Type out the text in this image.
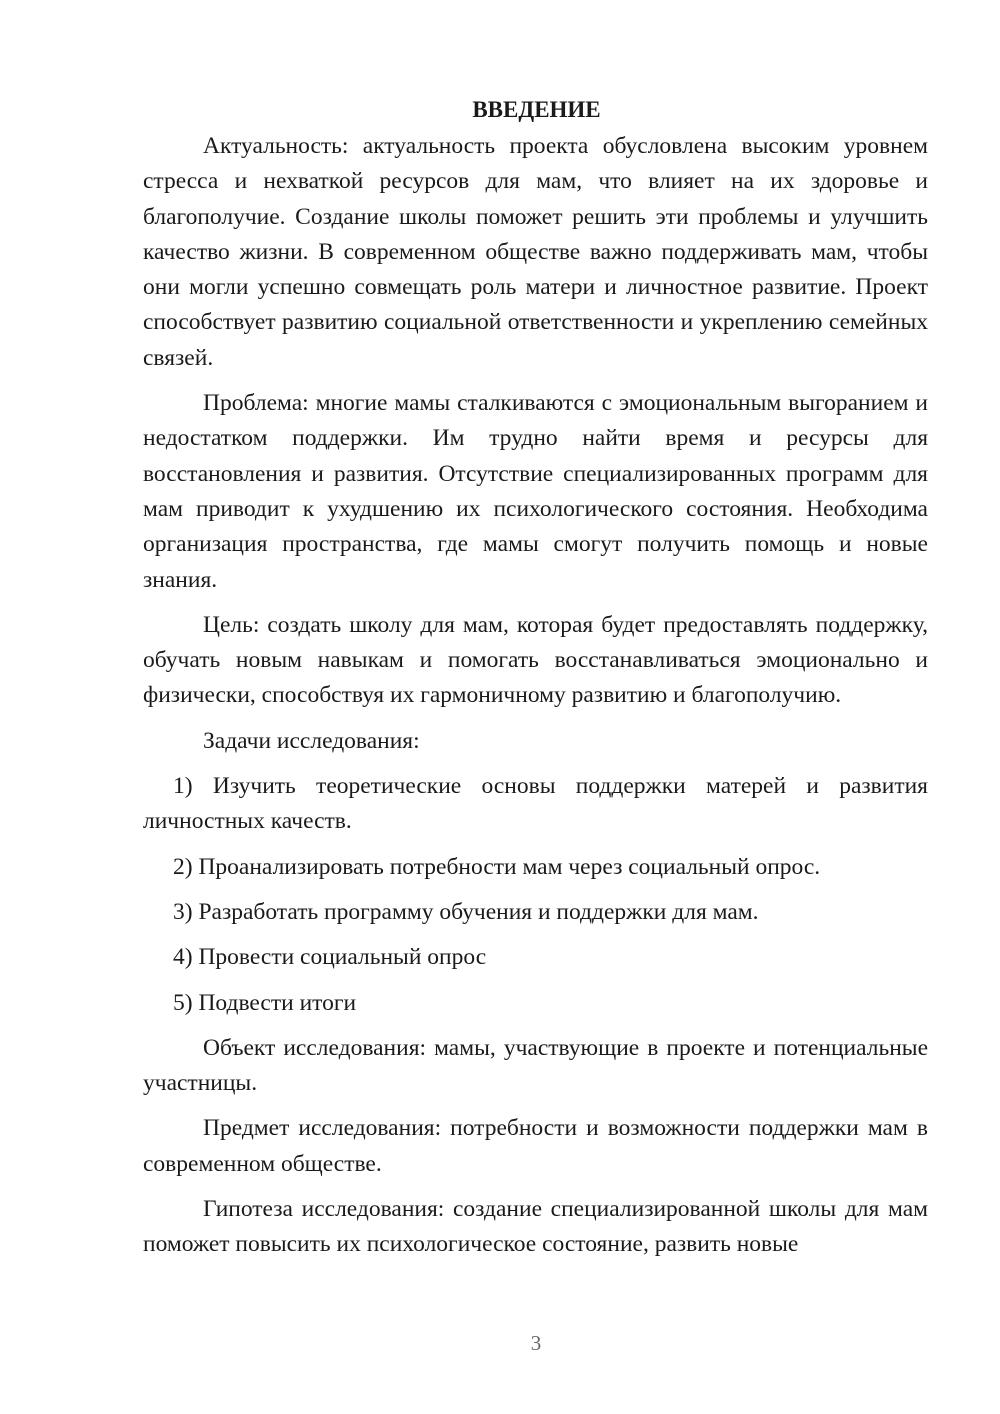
ВВЕДЕНИЕ

Актуальность: актуальность проекта обусловлена высоким уровнем стресса и нехваткой ресурсов для мам, что влияет на их здоровье и благополучие. Создание школы поможет решить эти проблемы и улучшить качество жизни. В современном обществе важно поддерживать мам, чтобы они могли успешно совмещать роль матери и личностное развитие. Проект способствует развитию социальной ответственности и укреплению семейных связей.

Проблема: многие мамы сталкиваются с эмоциональным выгоранием и недостатком поддержки. Им трудно найти время и ресурсы для восстановления и развития. Отсутствие специализированных программ для мам приводит к ухудшению их психологического состояния. Необходима организация пространства, где мамы смогут получить помощь и новые знания.

Цель: создать школу для мам, которая будет предоставлять поддержку, обучать новым навыкам и помогать восстанавливаться эмоционально и физически, способствуя их гармоничному развитию и благополучию.

Задачи исследования:

1) Изучить теоретические основы поддержки матерей и развития личностных качеств.

2) Проанализировать потребности мам через социальный опрос.

3) Разработать программу обучения и поддержки для мам.

4) Провести социальный опрос

5) Подвести итоги

Объект исследования: мамы, участвующие в проекте и потенциальные участницы.

Предмет исследования: потребности и возможности поддержки мам в современном обществе.

Гипотеза исследования: создание специализированной школы для мам поможет повысить их психологическое состояние, развить новые

3
